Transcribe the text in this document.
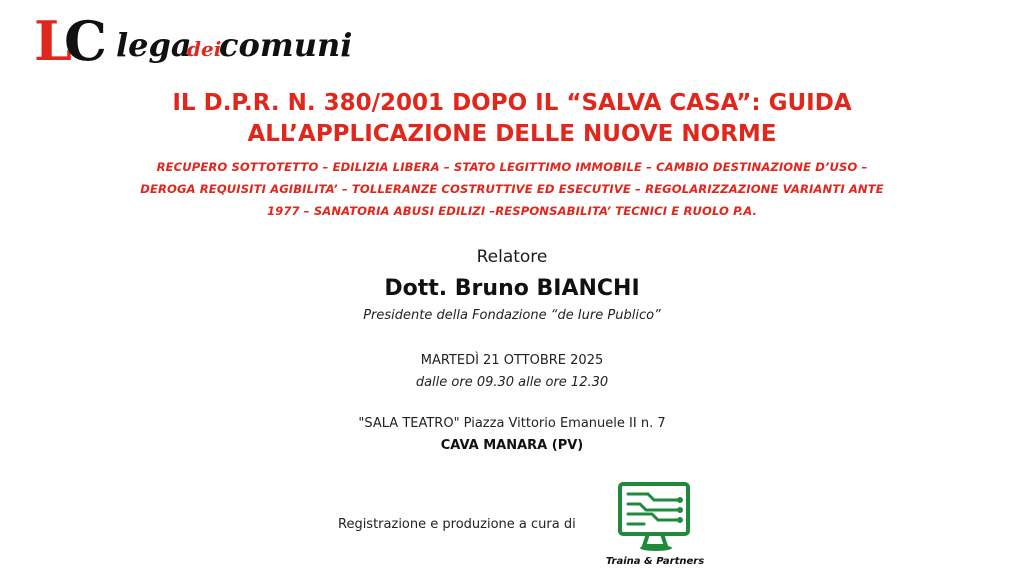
L
C lega
dei
comuni
IL D.P.R. N. 380/2001 DOPO IL “SALVA CASA”: GUIDA
ALL’APPLICAZIONE DELLE NUOVE NORME
RECUPERO SOTTOTETTO – EDILIZIA LIBERA – STATO LEGITTIMO IMMOBILE – CAMBIO DESTINAZIONE D’USO –
DEROGA REQUISITI AGIBILITA’ – TOLLERANZE COSTRUTTIVE ED ESECUTIVE – REGOLARIZZAZIONE VARIANTI ANTE
1977 – SANATORIA ABUSI EDILIZI –RESPONSABILITA’ TECNICI E RUOLO P.A.
Relatore
Dott. Bruno BIANCHI
Presidente della Fondazione “de Iure Publico”
MARTEDÌ 21 OTTOBRE 2025
dalle ore 09.30 alle ore 12.30
"SALA TEATRO" Piazza Vittorio Emanuele II n. 7
CAVA MANARA (PV)
Registrazione e produzione a cura di
Traina & Partners
